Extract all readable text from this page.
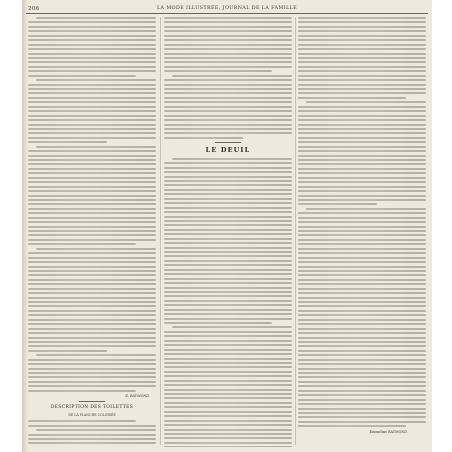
206	LA MODE ILLUSTRÉE, JOURNAL DE LA FAMILLE
E. RAYMOND.
DESCRIPTION DES TOILETTES
DE LA PLANCHE COLORIÉE
LE DEUIL
Emmeline RAYMOND.
